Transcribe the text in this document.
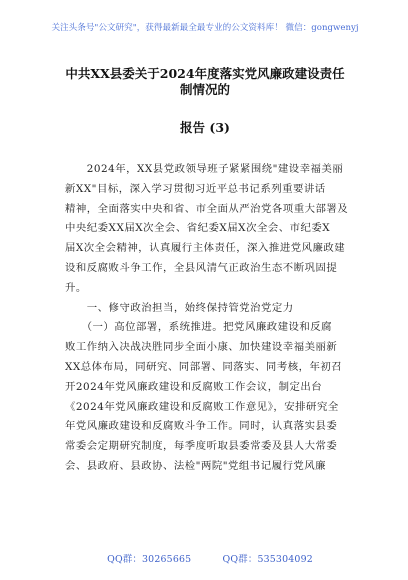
关注头条号"公文研究"，获得最新最全最专业的公文资料库！ 微信：gongwenyj
中共XX县委关于2024年度落实党风廉政建设责任制情况的
报告 (3)
　　2024年，XX县党政领导班子紧紧围绕"建设幸福美丽
新XX"目标，深入学习贯彻习近平总书记系列重要讲话
精神，全面落实中央和省、市全面从严治党各项重大部署及
中央纪委XX届X次全会、省纪委X届X次全会、市纪委X
届X次全会精神，认真履行主体责任，深入推进党风廉政建
设和反腐败斗争工作，全县风清气正政治生态不断巩固提
升。
　　一、修守政治担当，始终保持管党治党定力
　　（一）高位部署，系统推进。把党风廉政建设和反腐
败工作纳入决战决胜同步全面小康、加快建设幸福美丽新
XX总体布局，同研究、同部署、同落实、同考核，年初召
开2024年党风廉政建设和反腐败工作会议，制定出台
《2024年党风廉政建设和反腐败工作意见》，安排研究全
年党风廉政建设和反腐败斗争工作。同时，认真落实县委
常委会定期研究制度，每季度听取县委常委及县人大常委
会、县政府、县政协、法检"两院"党组书记履行党风廉
QQ群：30265665	QQ群：535304092
